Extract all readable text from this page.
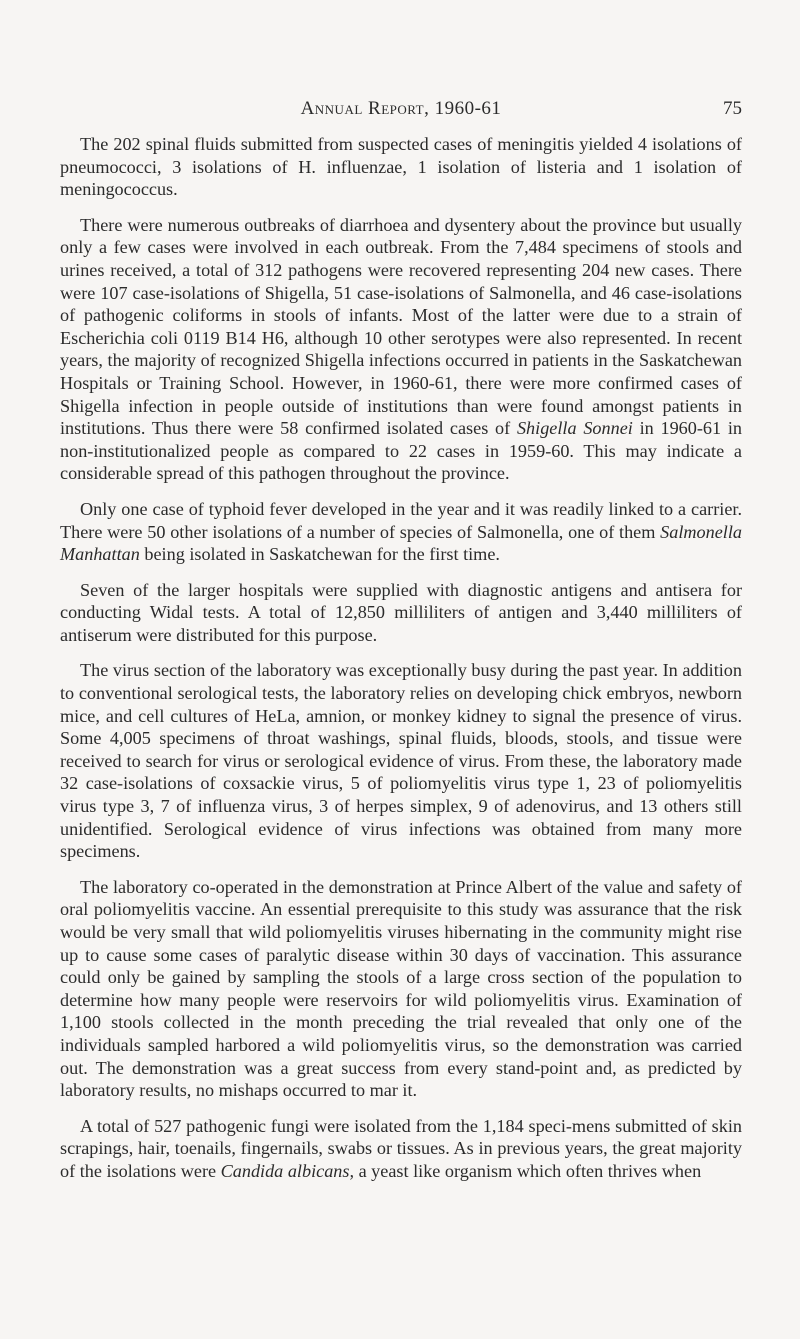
Annual Report, 1960-61	75

The 202 spinal fluids submitted from suspected cases of meningitis yielded 4 isolations of pneumococci, 3 isolations of H. influenzae, 1 isolation of listeria and 1 isolation of meningococcus.

There were numerous outbreaks of diarrhoea and dysentery about the province but usually only a few cases were involved in each outbreak. From the 7,484 specimens of stools and urines received, a total of 312 pathogens were recovered representing 204 new cases. There were 107 case-isolations of Shigella, 51 case-isolations of Salmonella, and 46 case-isolations of pathogenic coliforms in stools of infants. Most of the latter were due to a strain of Escherichia coli 0119 B14 H6, although 10 other serotypes were also represented. In recent years, the majority of recognized Shigella infections occurred in patients in the Saskatchewan Hospitals or Training School. However, in 1960-61, there were more confirmed cases of Shigella infection in people outside of institutions than were found amongst patients in institutions. Thus there were 58 confirmed isolated cases of Shigella Sonnei in 1960-61 in non-institutionalized people as compared to 22 cases in 1959-60. This may indicate a considerable spread of this pathogen throughout the province.

Only one case of typhoid fever developed in the year and it was readily linked to a carrier. There were 50 other isolations of a number of species of Salmonella, one of them Salmonella Manhattan being isolated in Saskatchewan for the first time.

Seven of the larger hospitals were supplied with diagnostic antigens and antisera for conducting Widal tests. A total of 12,850 milliliters of antigen and 3,440 milliliters of antiserum were distributed for this purpose.

The virus section of the laboratory was exceptionally busy during the past year. In addition to conventional serological tests, the laboratory relies on developing chick embryos, newborn mice, and cell cultures of HeLa, amnion, or monkey kidney to signal the presence of virus. Some 4,005 specimens of throat washings, spinal fluids, bloods, stools, and tissue were received to search for virus or serological evidence of virus. From these, the laboratory made 32 case-isolations of coxsackie virus, 5 of poliomyelitis virus type 1, 23 of poliomyelitis virus type 3, 7 of influenza virus, 3 of herpes simplex, 9 of adenovirus, and 13 others still unidentified. Serological evidence of virus infections was obtained from many more specimens.

The laboratory co-operated in the demonstration at Prince Albert of the value and safety of oral poliomyelitis vaccine. An essential prerequisite to this study was assurance that the risk would be very small that wild poliomyelitis viruses hibernating in the community might rise up to cause some cases of paralytic disease within 30 days of vaccination. This assurance could only be gained by sampling the stools of a large cross section of the population to determine how many people were reservoirs for wild poliomyelitis virus. Examination of 1,100 stools collected in the month preceding the trial revealed that only one of the individuals sampled harbored a wild poliomyelitis virus, so the demonstration was carried out. The demonstration was a great success from every stand-point and, as predicted by laboratory results, no mishaps occurred to mar it.

A total of 527 pathogenic fungi were isolated from the 1,184 speci-mens submitted of skin scrapings, hair, toenails, fingernails, swabs or tissues. As in previous years, the great majority of the isolations were Candida albicans, a yeast like organism which often thrives when
